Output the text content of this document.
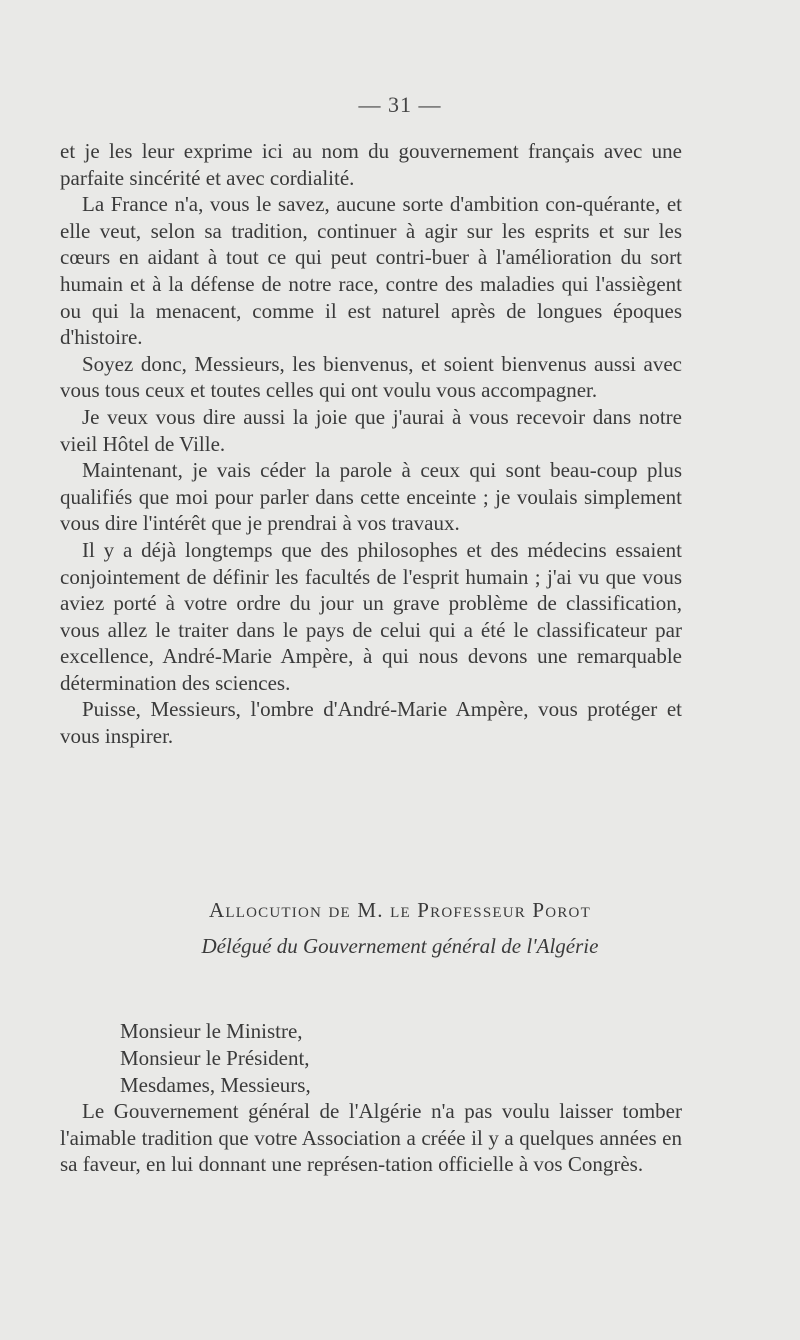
— 31 —

et je les leur exprime ici au nom du gouvernement français avec une parfaite sincérité et avec cordialité.

La France n'a, vous le savez, aucune sorte d'ambition con-quérante, et elle veut, selon sa tradition, continuer à agir sur les esprits et sur les cœurs en aidant à tout ce qui peut contri-buer à l'amélioration du sort humain et à la défense de notre race, contre des maladies qui l'assiègent ou qui la menacent, comme il est naturel après de longues époques d'histoire.

Soyez donc, Messieurs, les bienvenus, et soient bienvenus aussi avec vous tous ceux et toutes celles qui ont voulu vous accompagner.

Je veux vous dire aussi la joie que j'aurai à vous recevoir dans notre vieil Hôtel de Ville.

Maintenant, je vais céder la parole à ceux qui sont beau-coup plus qualifiés que moi pour parler dans cette enceinte ; je voulais simplement vous dire l'intérêt que je prendrai à vos travaux.

Il y a déjà longtemps que des philosophes et des médecins essaient conjointement de définir les facultés de l'esprit humain ; j'ai vu que vous aviez porté à votre ordre du jour un grave problème de classification, vous allez le traiter dans le pays de celui qui a été le classificateur par excellence, André-Marie Ampère, à qui nous devons une remarquable détermination des sciences.

Puisse, Messieurs, l'ombre d'André-Marie Ampère, vous protéger et vous inspirer.

Allocution de M. le Professeur Porot
Délégué du Gouvernement général de l'Algérie
Monsieur le Ministre,
Monsieur le Président,
Mesdames, Messieurs,

Le Gouvernement général de l'Algérie n'a pas voulu laisser tomber l'aimable tradition que votre Association a créée il y a quelques années en sa faveur, en lui donnant une représen-tation officielle à vos Congrès.
